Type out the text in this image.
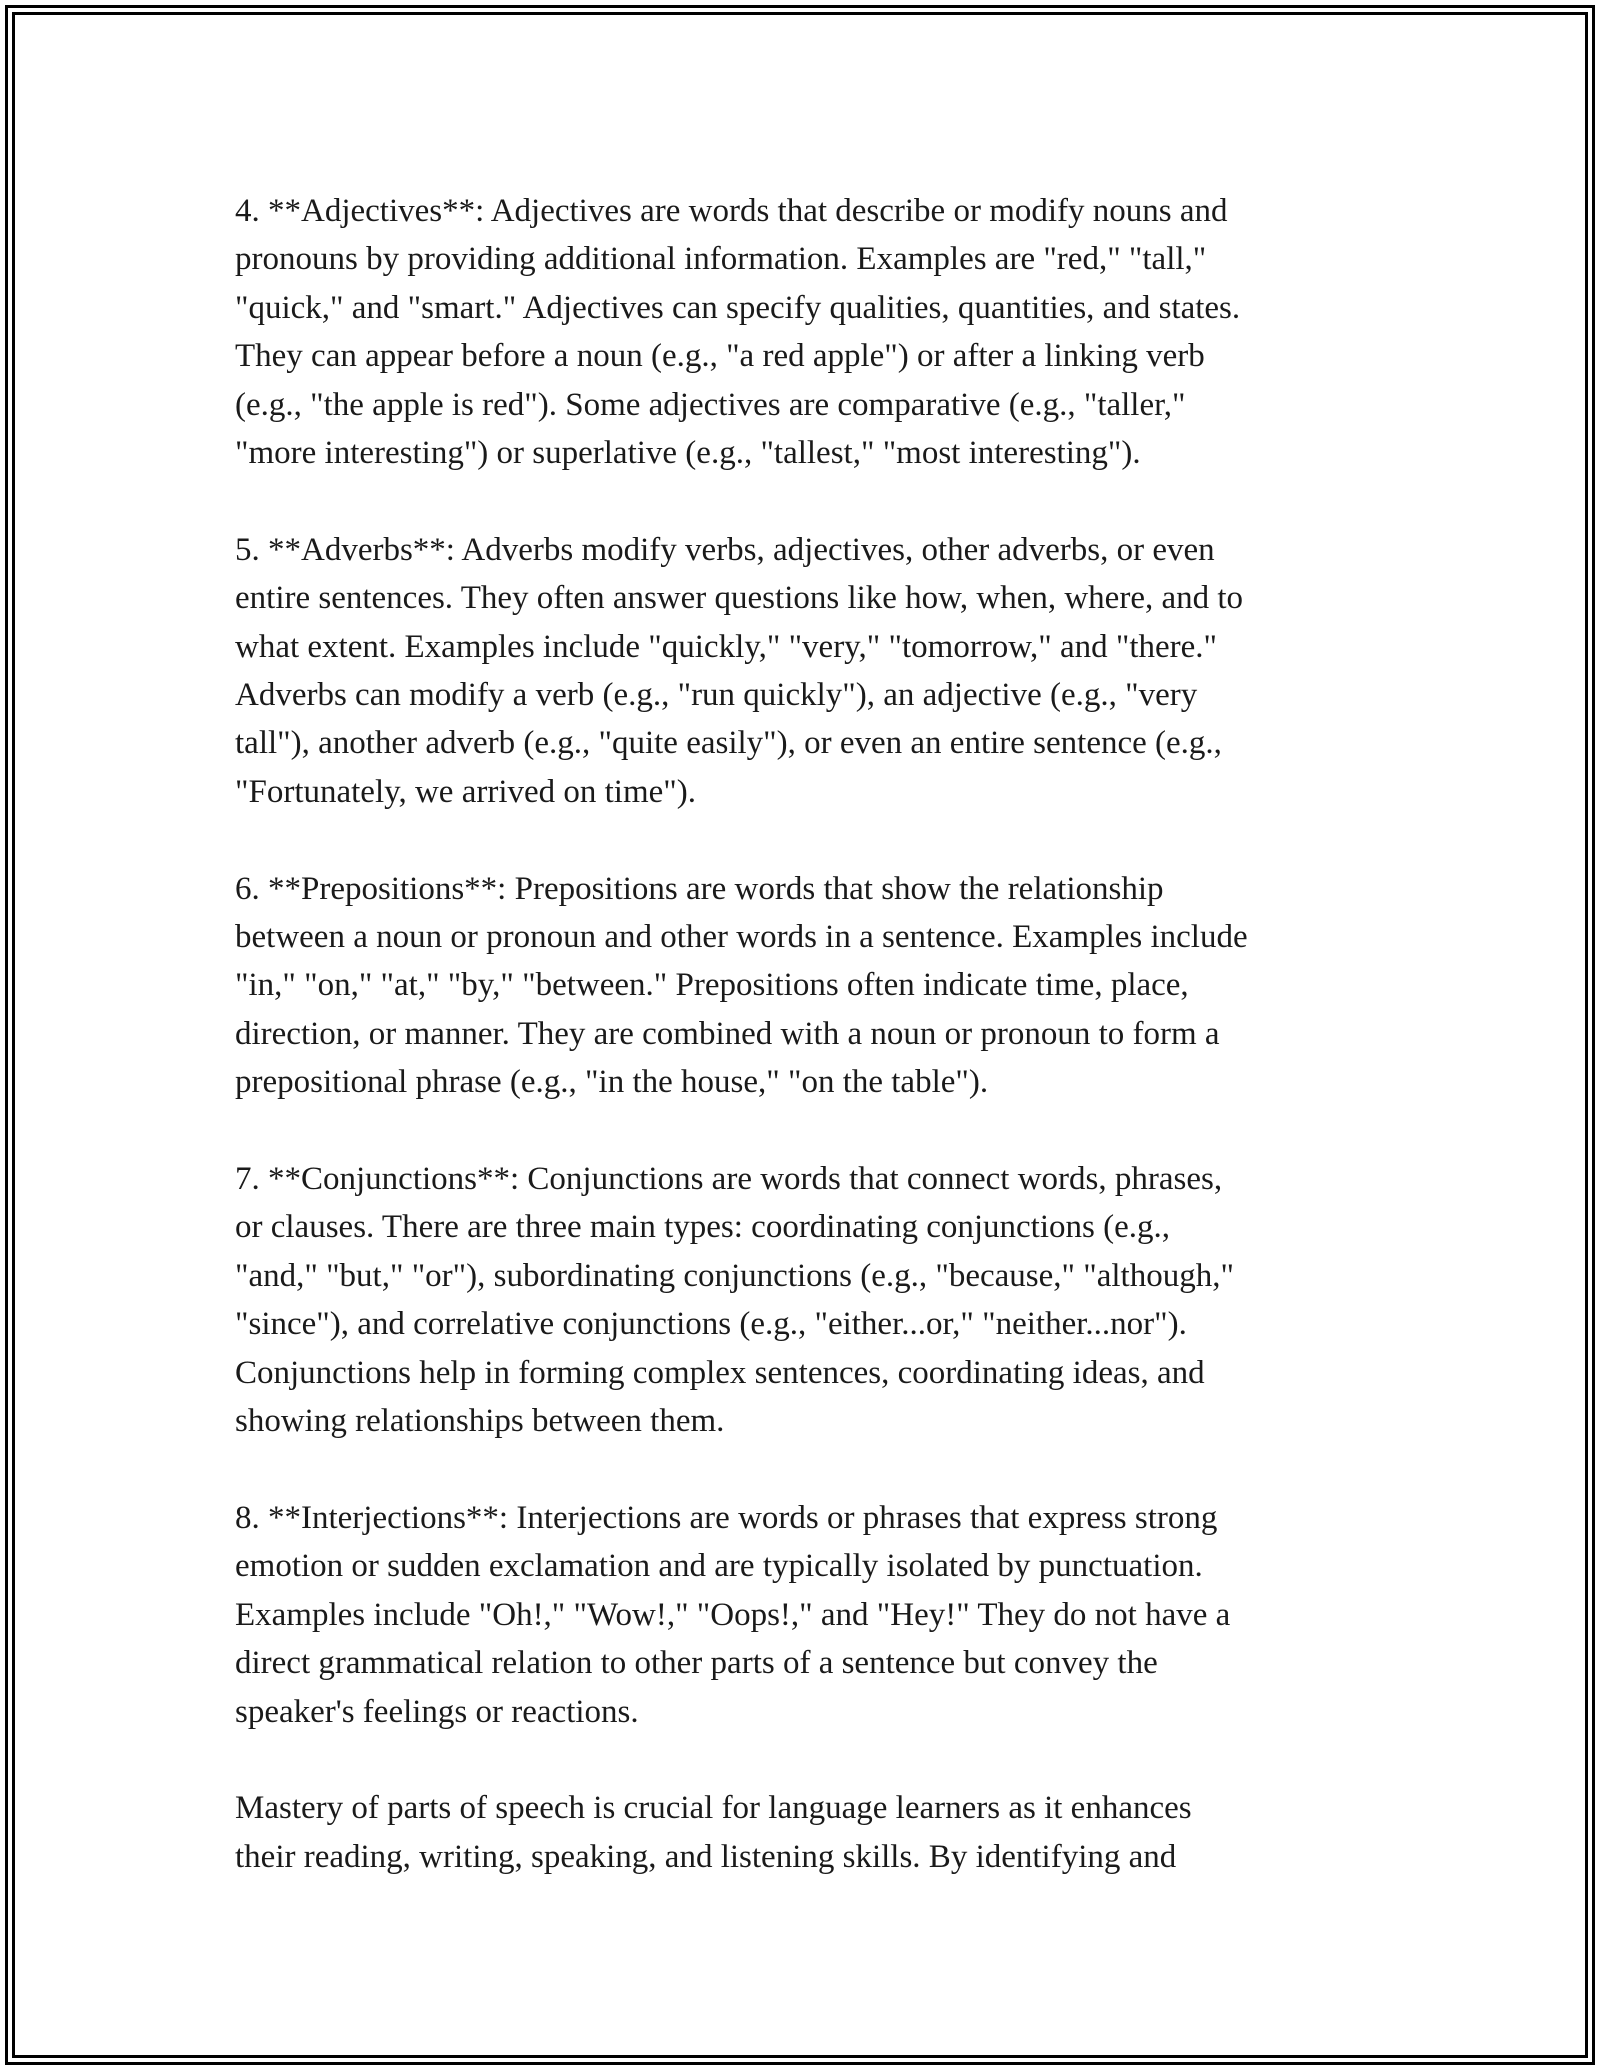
4. **Adjectives**: Adjectives are words that describe or modify nouns and
pronouns by providing additional information. Examples are "red," "tall,"
"quick," and "smart." Adjectives can specify qualities, quantities, and states.
They can appear before a noun (e.g., "a red apple") or after a linking verb
(e.g., "the apple is red"). Some adjectives are comparative (e.g., "taller,"
"more interesting") or superlative (e.g., "tallest," "most interesting").

5. **Adverbs**: Adverbs modify verbs, adjectives, other adverbs, or even
entire sentences. They often answer questions like how, when, where, and to
what extent. Examples include "quickly," "very," "tomorrow," and "there."
Adverbs can modify a verb (e.g., "run quickly"), an adjective (e.g., "very
tall"), another adverb (e.g., "quite easily"), or even an entire sentence (e.g.,
"Fortunately, we arrived on time").

6. **Prepositions**: Prepositions are words that show the relationship
between a noun or pronoun and other words in a sentence. Examples include
"in," "on," "at," "by," "between." Prepositions often indicate time, place,
direction, or manner. They are combined with a noun or pronoun to form a
prepositional phrase (e.g., "in the house," "on the table").

7. **Conjunctions**: Conjunctions are words that connect words, phrases,
or clauses. There are three main types: coordinating conjunctions (e.g.,
"and," "but," "or"), subordinating conjunctions (e.g., "because," "although,"
"since"), and correlative conjunctions (e.g., "either...or," "neither...nor").
Conjunctions help in forming complex sentences, coordinating ideas, and
showing relationships between them.

8. **Interjections**: Interjections are words or phrases that express strong
emotion or sudden exclamation and are typically isolated by punctuation.
Examples include "Oh!," "Wow!," "Oops!," and "Hey!" They do not have a
direct grammatical relation to other parts of a sentence but convey the
speaker's feelings or reactions.

Mastery of parts of speech is crucial for language learners as it enhances
their reading, writing, speaking, and listening skills. By identifying and
